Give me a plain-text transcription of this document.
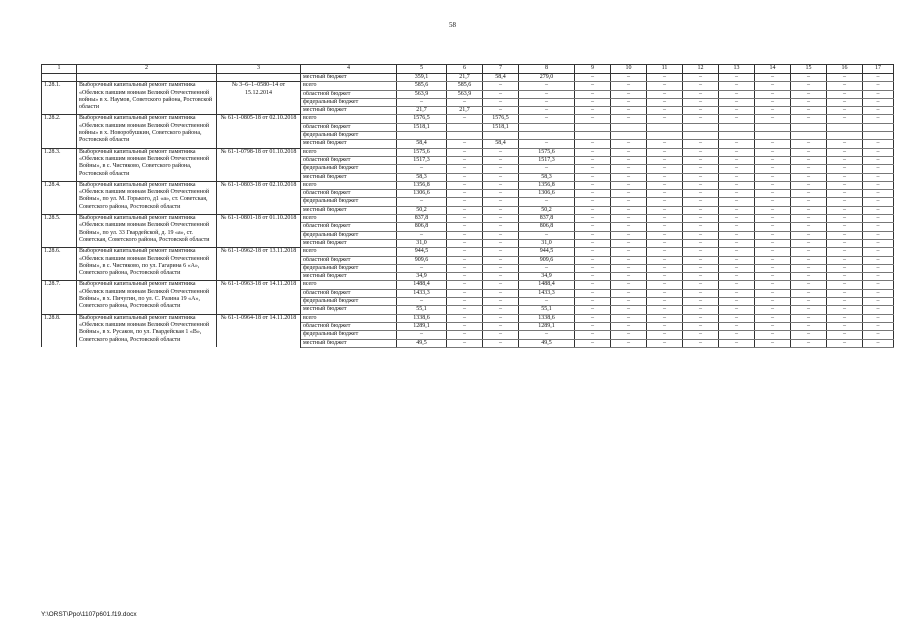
58
1	2	3	4	5	6	7	8	9	10	11	12	13	14	15	16	17
			местный бюджет	359,1	21,7	58,4	279,0	–	–	–	–	–	–	–	–	–
1.28.1.	Выборочный капитальный ремонт памятника «Обелиск павшим воинам Великой Отечественной войны» в х. Наумов, Советского района, Ростовской области	№ 3–6–1–0580–14 от 15.12.2014	всего	585,6	585,6	–	–	–	–	–	–	–	–	–	–	–
			областной бюджет	563,9	563,9	–	–	–	–	–	–	–	–	–	–	–
			федеральный бюджет	–	–	–	–	–	–	–	–	–	–	–	–	–
			местный бюджет	21,7	21,7	–	–	–	–	–	–	–	–	–	–	–
1.28.2.	Выборочный капитальный ремонт памятника «Обелиск павшим воинам Великой Отечественной войны» в х. Новоробушкин, Советского района, Ростовской области	№ 61-1-0805-18 от 02.10.2018	всего	1576,5	–	1576,5	–	–	–	–	–	–	–	–	–	–
			областной бюджет	1518,1		1518,1										
			федеральный бюджет													
			местный бюджет	58,4	–	58,4	–	–	–	–	–	–	–	–	–	–
1.28.3.	Выборочный капитальный ремонт памятника «Обелиск павшим воинам Великой Отечественной Войны», в с. Чистяково, Советского района, Ростовской области	№ 61-1-0798-18 от 01.10.2018	всего	1575,6	–	–	1575,6	–	–	–	–	–	–	–	–	–
			областной бюджет	1517,3	–	–	1517,3	–	–	–	–	–	–	–	–	–
			федеральный бюджет	–	–	–	–	–	–	–	–	–	–	–	–	–
			местный бюджет	58,3	–	–	58,3	–	–	–	–	–	–	–	–	–
1.28.4.	Выборочный капитальный ремонт памятника «Обелиск павшим воинам Великой Отечественной Войны», по ул. М. Горького, д1 «а», ст. Советская, Советского района, Ростовской области	№ 61-1-0803-18 от 02.10.2018	всего	1356,8	–	–	1356,8	–	–	–	–	–	–	–	–	–
			областной бюджет	1306,6	–	–	1306,6	–	–	–	–	–	–	–	–	–
			федеральный бюджет	–	–	–	–	–	–	–	–	–	–	–	–	–
			местный бюджет	50,2	–	–	50,2	–	–	–	–	–	–	–	–	–
1.28.5.	Выборочный капитальный ремонт памятника «Обелиск павшим воинам Великой Отечественной Войны», по ул. 33 Гвардейской, д. 19 «а», ст. Советская, Советского района, Ростовской области	№ 61-1-0801-18 от 01.10.2018	всего	837,8	–	–	837,8	–	–	–	–	–	–	–	–	–
			областной бюджет	806,8	–	–	806,8	–	–	–	–	–	–	–	–	–
			федеральный бюджет	–	–	–	–	–	–	–	–	–	–	–	–	–
			местный бюджет	31,0	–	–	31,0	–	–	–	–	–	–	–	–	–
1.28.6.	Выборочный капитальный ремонт памятника «Обелиск павшим воинам Великой Отечественной Войны», в с. Чистяково, по ул. Гагарина 6 «А», Советского района, Ростовской области	№ 61-1-0962-18 от 13.11.2018	всего	944,5	–	–	944,5	–	–	–	–	–	–	–	–	–
			областной бюджет	909,6	–	–	909,6	–	–	–	–	–	–	–	–	–
			федеральный бюджет	–	–	–	–	–	–	–	–	–	–	–	–	–
			местный бюджет	34,9	–	–	34,9	–	–	–	–	–	–	–	–	–
1.28.7.	Выборочный капитальный ремонт памятника «Обелиск павшим воинам Великой Отечественной Войны», в х. Пичугин, по ул. С. Разина 19 «А», Советского района, Ростовской области	№ 61-1-0963-18 от 14.11.2018	всего	1488,4	–	–	1488,4	–	–	–	–	–	–	–	–	–
			областной бюджет	1433,3	–	–	1433,3	–	–	–	–	–	–	–	–	–
			федеральный бюджет	–	–	–	–	–	–	–	–	–	–	–	–	–
			местный бюджет	55,1	–	–	55,1	–	–	–	–	–	–	–	–	–
1.28.8.	Выборочный капитальный ремонт памятника «Обелиск павшим воинам Великой Отечественной Войны», в х. Русаков, по ул. Гвардейская 1 «В», Советского района, Ростовской области	№ 61-1-0964-18 от 14.11.2018	всего	1338,6	–	–	1338,6	–	–	–	–	–	–	–	–	–
			областной бюджет	1289,1	–	–	1289,1	–	–	–	–	–	–	–	–	–
			федеральный бюджет	–	–	–	–	–	–	–	–	–	–	–	–	–
			местный бюджет	49,5	–	–	49,5	–	–	–	–	–	–	–	–	–
Y:\ORST\Ppo\1107p601.f19.docx
